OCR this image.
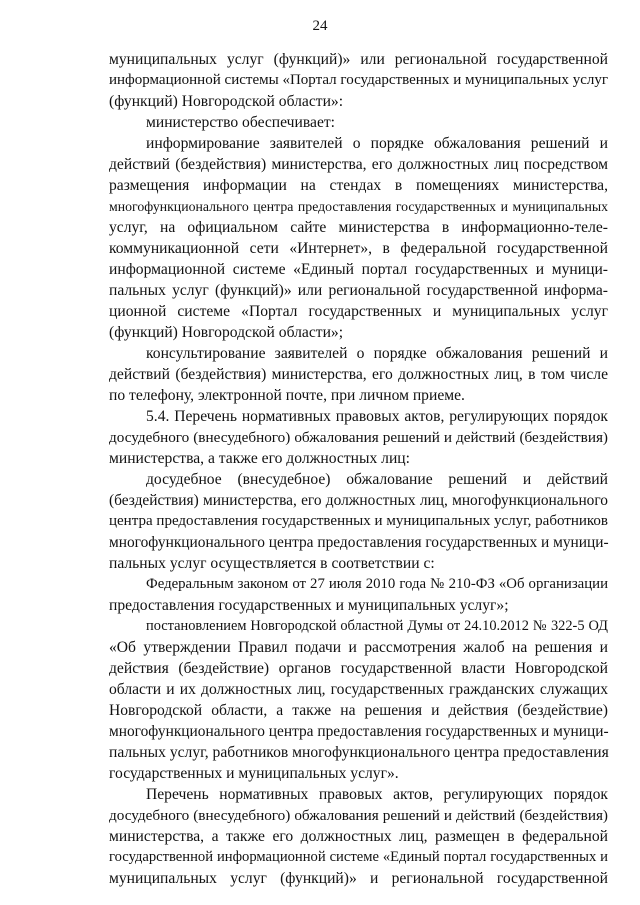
24
муниципальных услуг (функций)» или региональной государственной
информационной системы «Портал государственных и муниципальных услуг
(функций) Новгородской области»:
министерство обеспечивает:
информирование заявителей о порядке обжалования решений и
действий (бездействия) министерства, его должностных лиц посредством
размещения информации на стендах в помещениях министерства,
многофункционального центра предоставления государственных и муниципальных
услуг, на официальном сайте министерства в информационно-теле-
коммуникационной сети «Интернет», в федеральной государственной
информационной системе «Единый портал государственных и муници-
пальных услуг (функций)» или региональной государственной информа-
ционной системе «Портал государственных и муниципальных услуг
(функций) Новгородской области»;
консультирование заявителей о порядке обжалования решений и
действий (бездействия) министерства, его должностных лиц, в том числе
по телефону, электронной почте, при личном приеме.
5.4. Перечень нормативных правовых актов, регулирующих порядок
досудебного (внесудебного) обжалования решений и действий (бездействия)
министерства, а также его должностных лиц:
досудебное (внесудебное) обжалование решений и действий
(бездействия) министерства, его должностных лиц, многофункционального
центра предоставления государственных и муниципальных услуг, работников
многофункционального центра предоставления государственных и муници-
пальных услуг осуществляется в соответствии с:
Федеральным законом от 27 июля 2010 года № 210-ФЗ «Об организации
предоставления государственных и муниципальных услуг»;
постановлением Новгородской областной Думы от 24.10.2012 № 322-5 ОД
«Об утверждении Правил подачи и рассмотрения жалоб на решения и
действия (бездействие) органов государственной власти Новгородской
области и их должностных лиц, государственных гражданских служащих
Новгородской области, а также на решения и действия (бездействие)
многофункционального центра предоставления государственных и муници-
пальных услуг, работников многофункционального центра предоставления
государственных и муниципальных услуг».
Перечень нормативных правовых актов, регулирующих порядок
досудебного (внесудебного) обжалования решений и действий (бездействия)
министерства, а также его должностных лиц, размещен в федеральной
государственной информационной системе «Единый портал государственных и
муниципальных услуг (функций)» и региональной государственной
